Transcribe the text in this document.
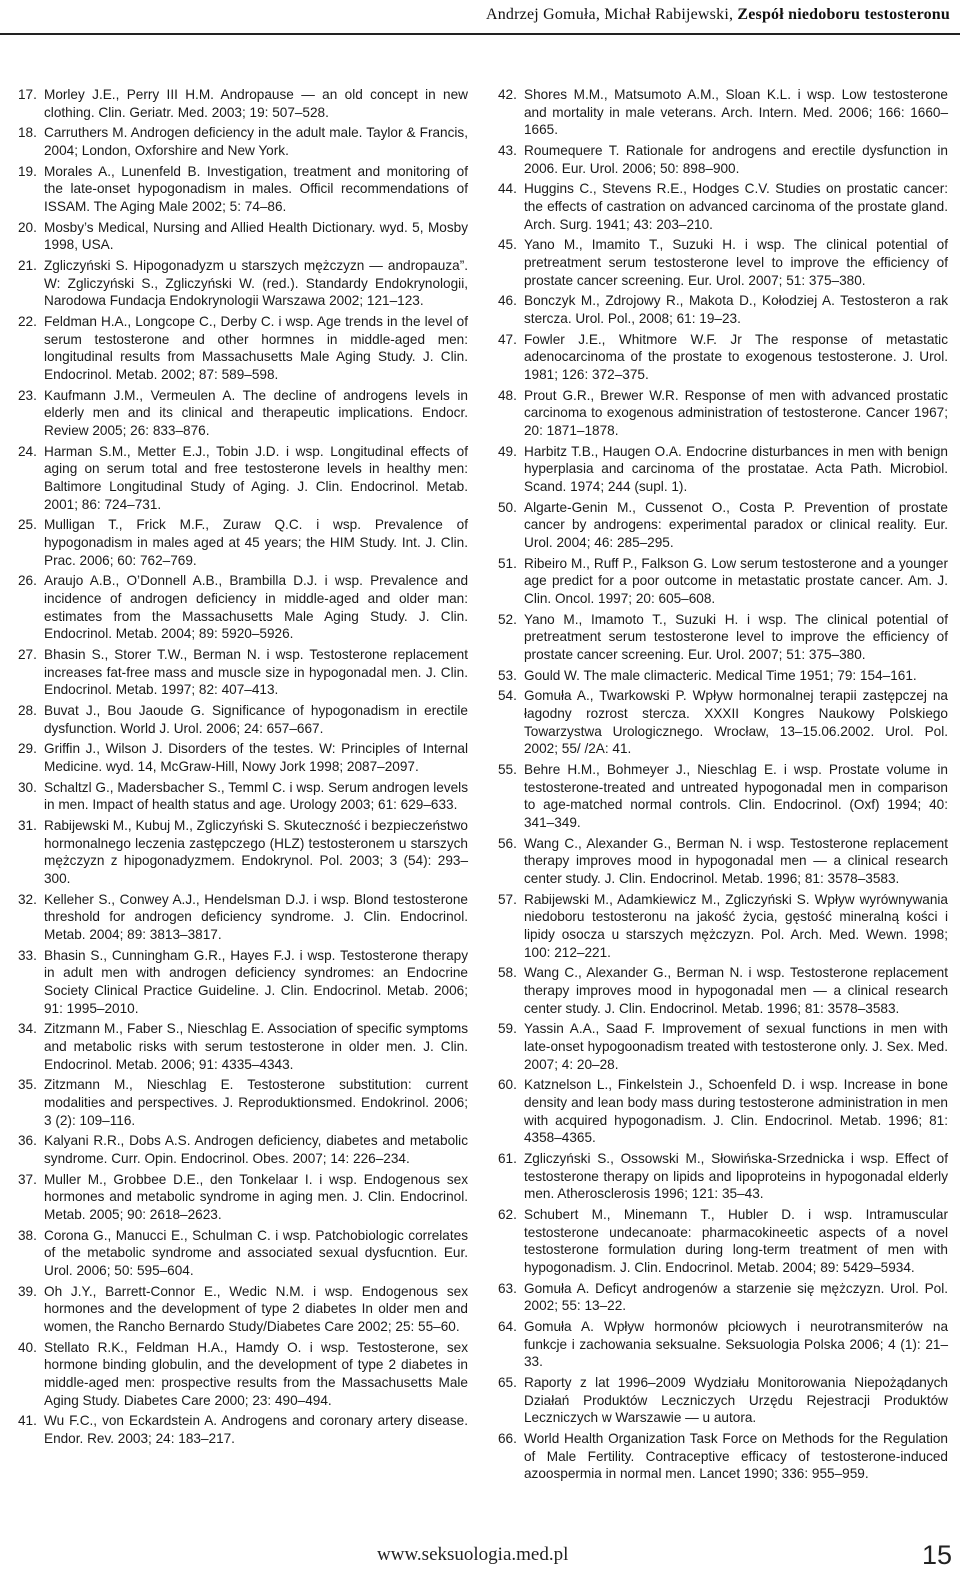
Andrzej Gomuła, Michał Rabijewski, Zespół niedoboru testosteronu
17. Morley J.E., Perry III H.M. Andropause — an old concept in new clothing. Clin. Geriatr. Med. 2003; 19: 507–528.
18. Carruthers M. Androgen deficiency in the adult male. Taylor & Francis, 2004; London, Oxforshire and New York.
19. Morales A., Lunenfeld B. Investigation, treatment and monitoring of the late-onset hypogonadism in males. Officil recommendations of ISSAM. The Aging Male 2002; 5: 74–86.
20. Mosby’s Medical, Nursing and Allied Health Dictionary. wyd. 5, Mosby 1998, USA.
21. Zgliczyński S. Hipogonadyzm u starszych mężczyzn — andropauza”. W: Zgliczyński S., Zgliczyński W. (red.). Standardy Endokrynologii, Narodowa Fundacja Endokrynologii Warszawa 2002; 121–123.
22. Feldman H.A., Longcope C., Derby C. i wsp. Age trends in the level of serum testosterone and other hormnes in middle-aged men: longitudinal results from Massachusetts Male Aging Study. J. Clin. Endocrinol. Metab. 2002; 87: 589–598.
23. Kaufmann J.M., Vermeulen A. The decline of androgens levels in elderly men and its clinical and therapeutic implications. Endocr. Review 2005; 26: 833–876.
24. Harman S.M., Metter E.J., Tobin J.D. i wsp. Longitudinal effects of aging on serum total and free testosterone levels in healthy men: Baltimore Longitudinal Study of Aging. J. Clin. Endocrinol. Metab. 2001; 86: 724–731.
25. Mulligan T., Frick M.F., Zuraw Q.C. i wsp. Prevalence of hypogonadism in males aged at 45 years; the HIM Study. Int. J. Clin. Prac. 2006; 60: 762–769.
26. Araujo A.B., O’Donnell A.B., Brambilla D.J. i wsp. Prevalence and incidence of androgen deficiency in middle-aged and older man: estimates from the Massachusetts Male Aging Study. J. Clin. Endocrinol. Metab. 2004; 89: 5920–5926.
27. Bhasin S., Storer T.W., Berman N. i wsp. Testosterone replacement increases fat-free mass and muscle size in hypogonadal men. J. Clin. Endocrinol. Metab. 1997; 82: 407–413.
28. Buvat J., Bou Jaoude G. Significance of hypogonadism in erectile dysfunction. World J. Urol. 2006; 24: 657–667.
29. Griffin J., Wilson J. Disorders of the testes. W: Principles of Internal Medicine. wyd. 14, McGraw-Hill, Nowy Jork 1998; 2087–2097.
30. Schaltzl G., Madersbacher S., Temml C. i wsp. Serum androgen levels in men. Impact of health status and age. Urology 2003; 61: 629–633.
31. Rabijewski M., Kubuj M., Zgliczyński S. Skuteczność i bezpieczeństwo hormonalnego leczenia zastępczego (HLZ) testosteronem u starszych mężczyzn z hipogonadyzmem. Endokrynol. Pol. 2003; 3 (54): 293–300.
32. Kelleher S., Conwey A.J., Hendelsman D.J. i wsp. Blond testosterone threshold for androgen deficiency syndrome. J. Clin. Endocrinol. Metab. 2004; 89: 3813–3817.
33. Bhasin S., Cunningham G.R., Hayes F.J. i wsp. Testosterone therapy in adult men with androgen deficiency syndromes: an Endocrine Society Clinical Practice Guideline. J. Clin. Endocrinol. Metab. 2006; 91: 1995–2010.
34. Zitzmann M., Faber S., Nieschlag E. Association of specific symptoms and metabolic risks with serum testosterone in older men. J. Clin. Endocrinol. Metab. 2006; 91: 4335–4343.
35. Zitzmann M., Nieschlag E. Testosterone substitution: current modalities and perspectives. J. Reproduktionsmed. Endokrinol. 2006; 3 (2): 109–116.
36. Kalyani R.R., Dobs A.S. Androgen deficiency, diabetes and metabolic syndrome. Curr. Opin. Endocrinol. Obes. 2007; 14: 226–234.
37. Muller M., Grobbee D.E., den Tonkelaar I. i wsp. Endogenous sex hormones and metabolic syndrome in aging men. J. Clin. Endocrinol. Metab. 2005; 90: 2618–2623.
38. Corona G., Manucci E., Schulman C. i wsp. Patchobiologic correlates of the metabolic syndrome and associated sexual dysfucntion. Eur. Urol. 2006; 50: 595–604.
39. Oh J.Y., Barrett-Connor E., Wedic N.M. i wsp. Endogenous sex hormones and the development of type 2 diabetes In older men and women, the Rancho Bernardo Study/Diabetes Care 2002; 25: 55–60.
40. Stellato R.K., Feldman H.A., Hamdy O. i wsp. Testosterone, sex hormone binding globulin, and the development of type 2 diabetes in middle-aged men: prospective results from the Massachusetts Male Aging Study. Diabetes Care 2000; 23: 490–494.
41. Wu F.C., von Eckardstein A. Androgens and coronary artery disease. Endor. Rev. 2003; 24: 183–217.
42. Shores M.M., Matsumoto A.M., Sloan K.L. i wsp. Low testosterone and mortality in male veterans. Arch. Intern. Med. 2006; 166: 1660–1665.
43. Roumequere T. Rationale for androgens and erectile dysfunction in 2006. Eur. Urol. 2006; 50: 898–900.
44. Huggins C., Stevens R.E., Hodges C.V. Studies on prostatic cancer: the effects of castration on advanced carcinoma of the prostate gland. Arch. Surg. 1941; 43: 203–210.
45. Yano M., Imamito T., Suzuki H. i wsp. The clinical potential of pretreatment serum testosterone level to improve the efficiency of prostate cancer screening. Eur. Urol. 2007; 51: 375–380.
46. Bonczyk M., Zdrojowy R., Makota D., Kołodziej A. Testosteron a rak stercza. Urol. Pol., 2008; 61: 19–23.
47. Fowler J.E., Whitmore W.F. Jr The response of metastatic adenocarcinoma of the prostate to exogenous testosterone. J. Urol. 1981; 126: 372–375.
48. Prout G.R., Brewer W.R. Response of men with advanced prostatic carcinoma to exogenous administration of testosterone. Cancer 1967; 20: 1871–1878.
49. Harbitz T.B., Haugen O.A. Endocrine disturbances in men with benign hyperplasia and carcinoma of the prostatae. Acta Path. Microbiol. Scand. 1974; 244 (supl. 1).
50. Algarte-Genin M., Cussenot O., Costa P. Prevention of prostate cancer by androgens: experimental paradox or clinical reality. Eur. Urol. 2004; 46: 285–295.
51. Ribeiro M., Ruff P., Falkson G. Low serum testosterone and a younger age predict for a poor outcome in metastatic prostate cancer. Am. J. Clin. Oncol. 1997; 20: 605–608.
52. Yano M., Imamoto T., Suzuki H. i wsp. The clinical potential of pretreatment serum testosterone level to improve the efficiency of prostate cancer screening. Eur. Urol. 2007; 51: 375–380.
53. Gould W. The male climacteric. Medical Time 1951; 79: 154–161.
54. Gomuła A., Twarkowski P. Wpływ hormonalnej terapii zastępczej na łagodny rozrost stercza. XXXII Kongres Naukowy Polskiego Towarzystwa Urologicznego. Wrocław, 13–15.06.2002. Urol. Pol. 2002; 55/ /2A: 41.
55. Behre H.M., Bohmeyer J., Nieschlag E. i wsp. Prostate volume in testosterone-treated and untreated hypogonadal men in comparison to age-matched normal controls. Clin. Endocrinol. (Oxf) 1994; 40: 341–349.
56. Wang C., Alexander G., Berman N. i wsp. Testosterone replacement therapy improves mood in hypogonadal men — a clinical research center study. J. Clin. Endocrinol. Metab. 1996; 81: 3578–3583.
57. Rabijewski M., Adamkiewicz M., Zgliczyński S. Wpływ wyrównywania niedoboru testosteronu na jakość życia, gęstość mineralną kości i lipidy osocza u starszych mężczyzn. Pol. Arch. Med. Wewn. 1998; 100: 212–221.
58. Wang C., Alexander G., Berman N. i wsp. Testosterone replacement therapy improves mood in hypogonadal men — a clinical research center study. J. Clin. Endocrinol. Metab. 1996; 81: 3578–3583.
59. Yassin A.A., Saad F. Improvement of sexual functions in men with late-onset hypogoonadism treated with testosterone only. J. Sex. Med. 2007; 4: 20–28.
60. Katznelson L., Finkelstein J., Schoenfeld D. i wsp. Increase in bone density and lean body mass during testosterone administration in men with acquired hypogonadism. J. Clin. Endocrinol. Metab. 1996; 81: 4358–4365.
61. Zgliczyński S., Ossowski M., Słowińska-Srzednicka i wsp. Effect of testosterone therapy on lipids and lipoproteins in hypogonadal elderly men. Atherosclerosis 1996; 121: 35–43.
62. Schubert M., Minemann T., Hubler D. i wsp. Intramuscular testosterone undecanoate: pharmacokineetic aspects of a novel testosterone formulation during long-term treatment of men with hypogonadism. J. Clin. Endocrinol. Metab. 2004; 89: 5429–5934.
63. Gomuła A. Deficyt androgenów a starzenie się mężczyzn. Urol. Pol. 2002; 55: 13–22.
64. Gomuła A. Wpływ hormonów płciowych i neurotransmiterów na funkcje i zachowania seksualne. Seksuologia Polska 2006; 4 (1): 21–33.
65. Raporty z lat 1996–2009 Wydziału Monitorowania Niepożądanych Działań Produktów Leczniczych Urzędu Rejestracji Produktów Leczniczych w Warszawie — u autora.
66. World Health Organization Task Force on Methods for the Regulation of Male Fertility. Contraceptive efficacy of testosterone-induced azoospermia in normal men. Lancet 1990; 336: 955–959.
www.seksuologia.med.pl	15
